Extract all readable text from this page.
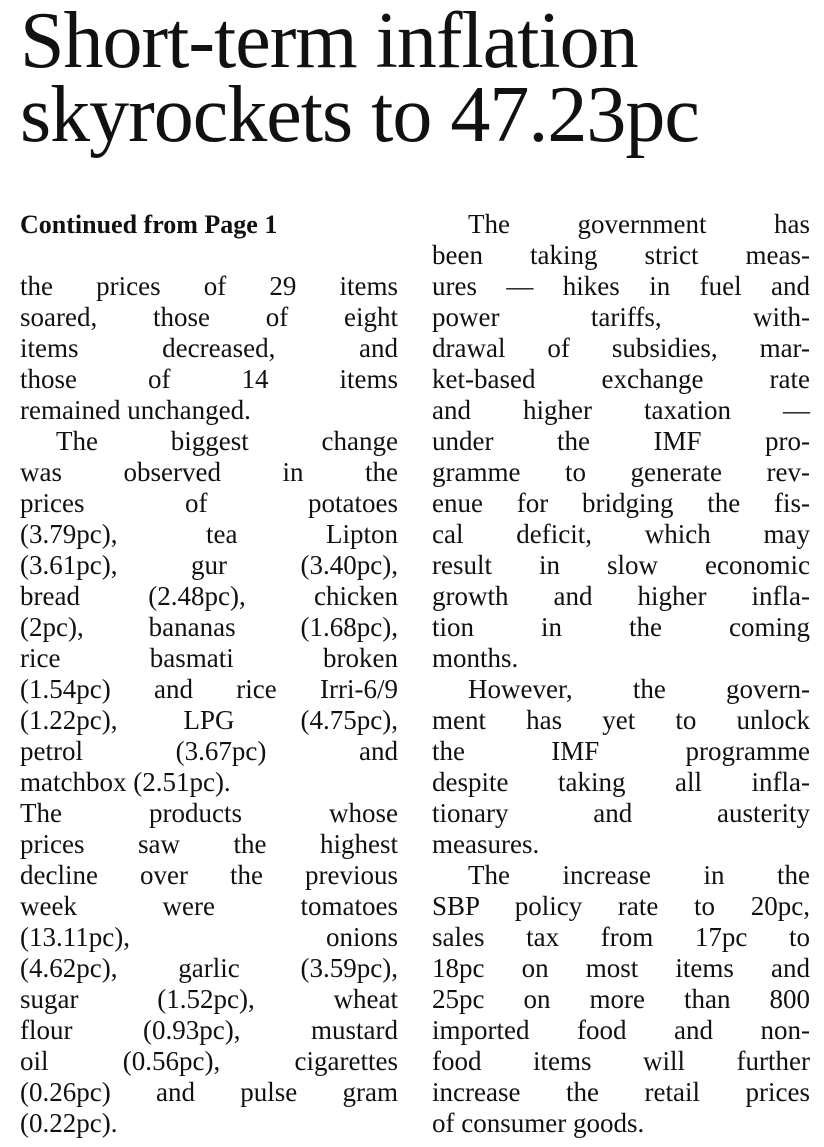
Short-term inflation
skyrockets to 47.23pc
Continued from Page 1
the prices of 29 items
soared, those of eight
items decreased, and
those of 14 items
remained unchanged.
The biggest change
was observed in the
prices of potatoes
(3.79pc), tea Lipton
(3.61pc), gur (3.40pc),
bread (2.48pc), chicken
(2pc), bananas (1.68pc),
rice basmati broken
(1.54pc) and rice Irri-6/9
(1.22pc), LPG (4.75pc),
petrol (3.67pc) and
matchbox (2.51pc).
The products whose
prices saw the highest
decline over the previous
week were tomatoes
(13.11pc), onions
(4.62pc), garlic (3.59pc),
sugar (1.52pc), wheat
flour (0.93pc), mustard
oil (0.56pc), cigarettes
(0.26pc) and pulse gram
(0.22pc).
The government has
been taking strict meas-
ures — hikes in fuel and
power tariffs, with-
drawal of subsidies, mar-
ket-based exchange rate
and higher taxation —
under the IMF pro-
gramme to generate rev-
enue for bridging the fis-
cal deficit, which may
result in slow economic
growth and higher infla-
tion in the coming
months.
However, the govern-
ment has yet to unlock
the IMF programme
despite taking all infla-
tionary and austerity
measures.
The increase in the
SBP policy rate to 20pc,
sales tax from 17pc to
18pc on most items and
25pc on more than 800
imported food and non-
food items will further
increase the retail prices
of consumer goods.
